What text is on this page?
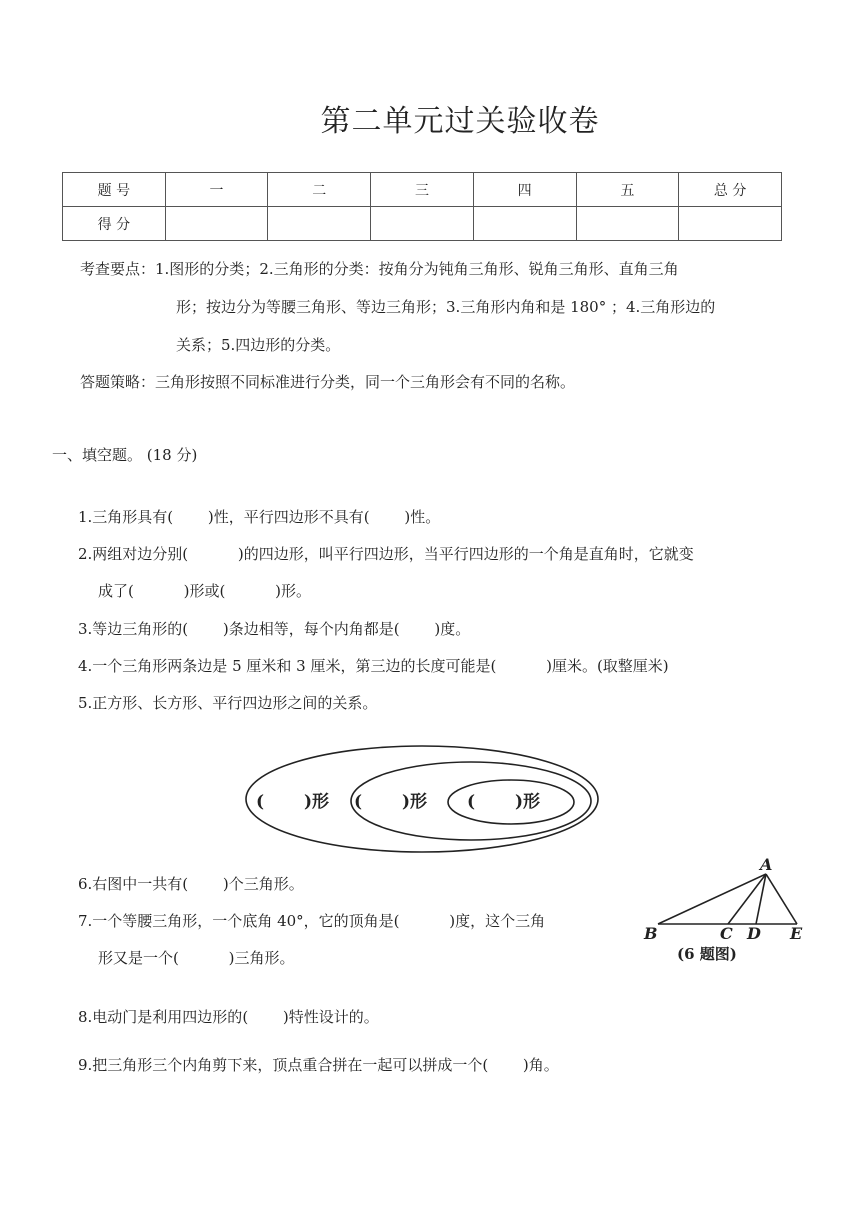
第二单元过关验收卷
题 号	一	二	三	四	五	总 分
得 分						
考查要点：1.图形的分类；2.三角形的分类：按角分为钝角三角形、锐角三角形、直角三角
形；按边分为等腰三角形、等边三角形；3.三角形内角和是 180° ；4.三角形边的
关系；5.四边形的分类。
答题策略：三角形按照不同标准进行分类，同一个三角形会有不同的名称。
一、填空题。 (18 分)
1.三角形具有(　　 )性，平行四边形不具有(　　 )性。
2.两组对边分别(　　　 )的四边形，叫平行四边形，当平行四边形的一个角是直角时，它就变
成了(　　　 )形或(　　　 )形。
3.等边三角形的(　　 )条边相等，每个内角都是(　　 )度。
4.一个三角形两条边是 5 厘米和 3 厘米，第三边的长度可能是(　　　 )厘米。(取整厘米)
5.正方形、长方形、平行四边形之间的关系。
(　　 )形 (　　 )形 (　　 )形
6.右图中一共有(　　 )个三角形。
7.一个等腰三角形，一个底角 40°，它的顶角是(　　　 )度，这个三角
形又是一个(　　　 )三角形。
A
B	C D E
(6 题图)
8.电动门是利用四边形的(　　 )特性设计的。
9.把三角形三个内角剪下来，顶点重合拼在一起可以拼成一个(　　 )角。
